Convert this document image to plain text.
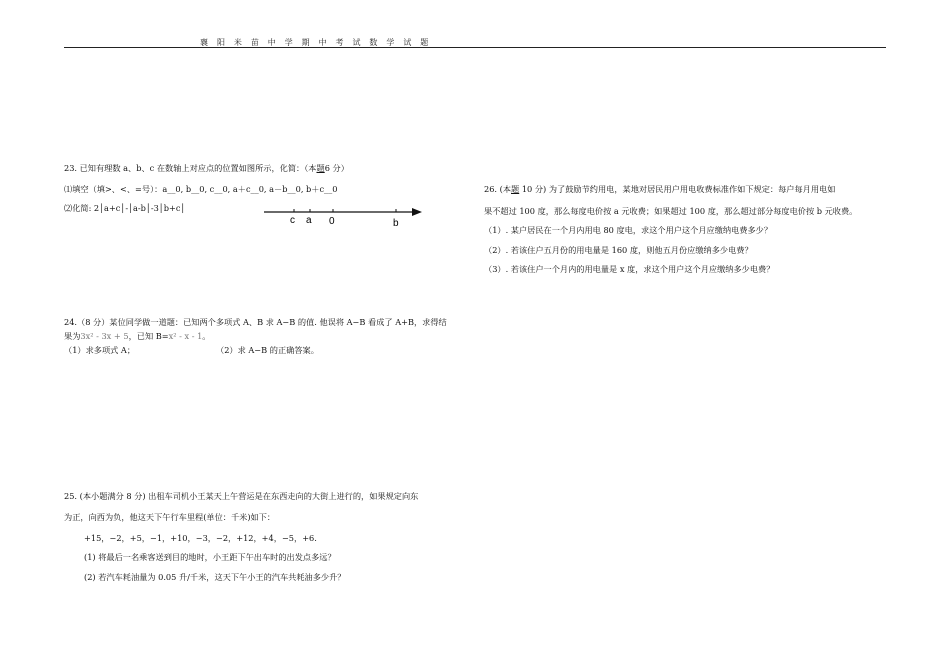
襄 阳 米 苗 中 学 期 中 考 试 数 学 试 题
23. 已知有理数 a、b、c 在数轴上对应点的位置如图所示，化简：（本题6 分）
⑴填空（填>、<、=号）：a__0, b__0, c__0, a＋c__0, a－b__0, b＋c__0
⑵化简: 2│a+c│-│a-b│-3│b+c│
c a 0	b
24.（8 分）某位同学做一道题：已知两个多项式 A、B 求 A−B 的值. 他误将 A−B 看成了 A+B，求得结
果为3x² - 3x + 5，已知 B=x² - x - 1。
（1）求多项式 A；	（2）求 A−B 的正确答案。
25. (本小题满分 8 分) 出租车司机小王某天上午营运是在东西走向的大街上进行的，如果规定向东
为正，向西为负，他这天下午行车里程(单位：千米)如下：
+15，−2，+5，−1，+10，−3，−2，+12，+4，−5，+6.
(1) 将最后一名乘客送到目的地时，小王距下午出车时的出发点多远？
(2) 若汽车耗油量为 0.05 升/千米，这天下午小王的汽车共耗油多少升？
26. (本题 10 分) 为了鼓励节约用电，某地对居民用户用电收费标准作如下规定：每户每月用电如
果不超过 100 度，那么每度电价按 a 元收费；如果超过 100 度，那么超过部分每度电价按 b 元收费。
（1）. 某户居民在一个月内用电 80 度电，求这个用户这个月应缴纳电费多少？
（2）. 若该住户五月份的用电量是 160 度，则他五月份应缴纳多少电费？
（3）. 若该住户一个月内的用电量是 x 度，求这个用户这个月应缴纳多少电费？
